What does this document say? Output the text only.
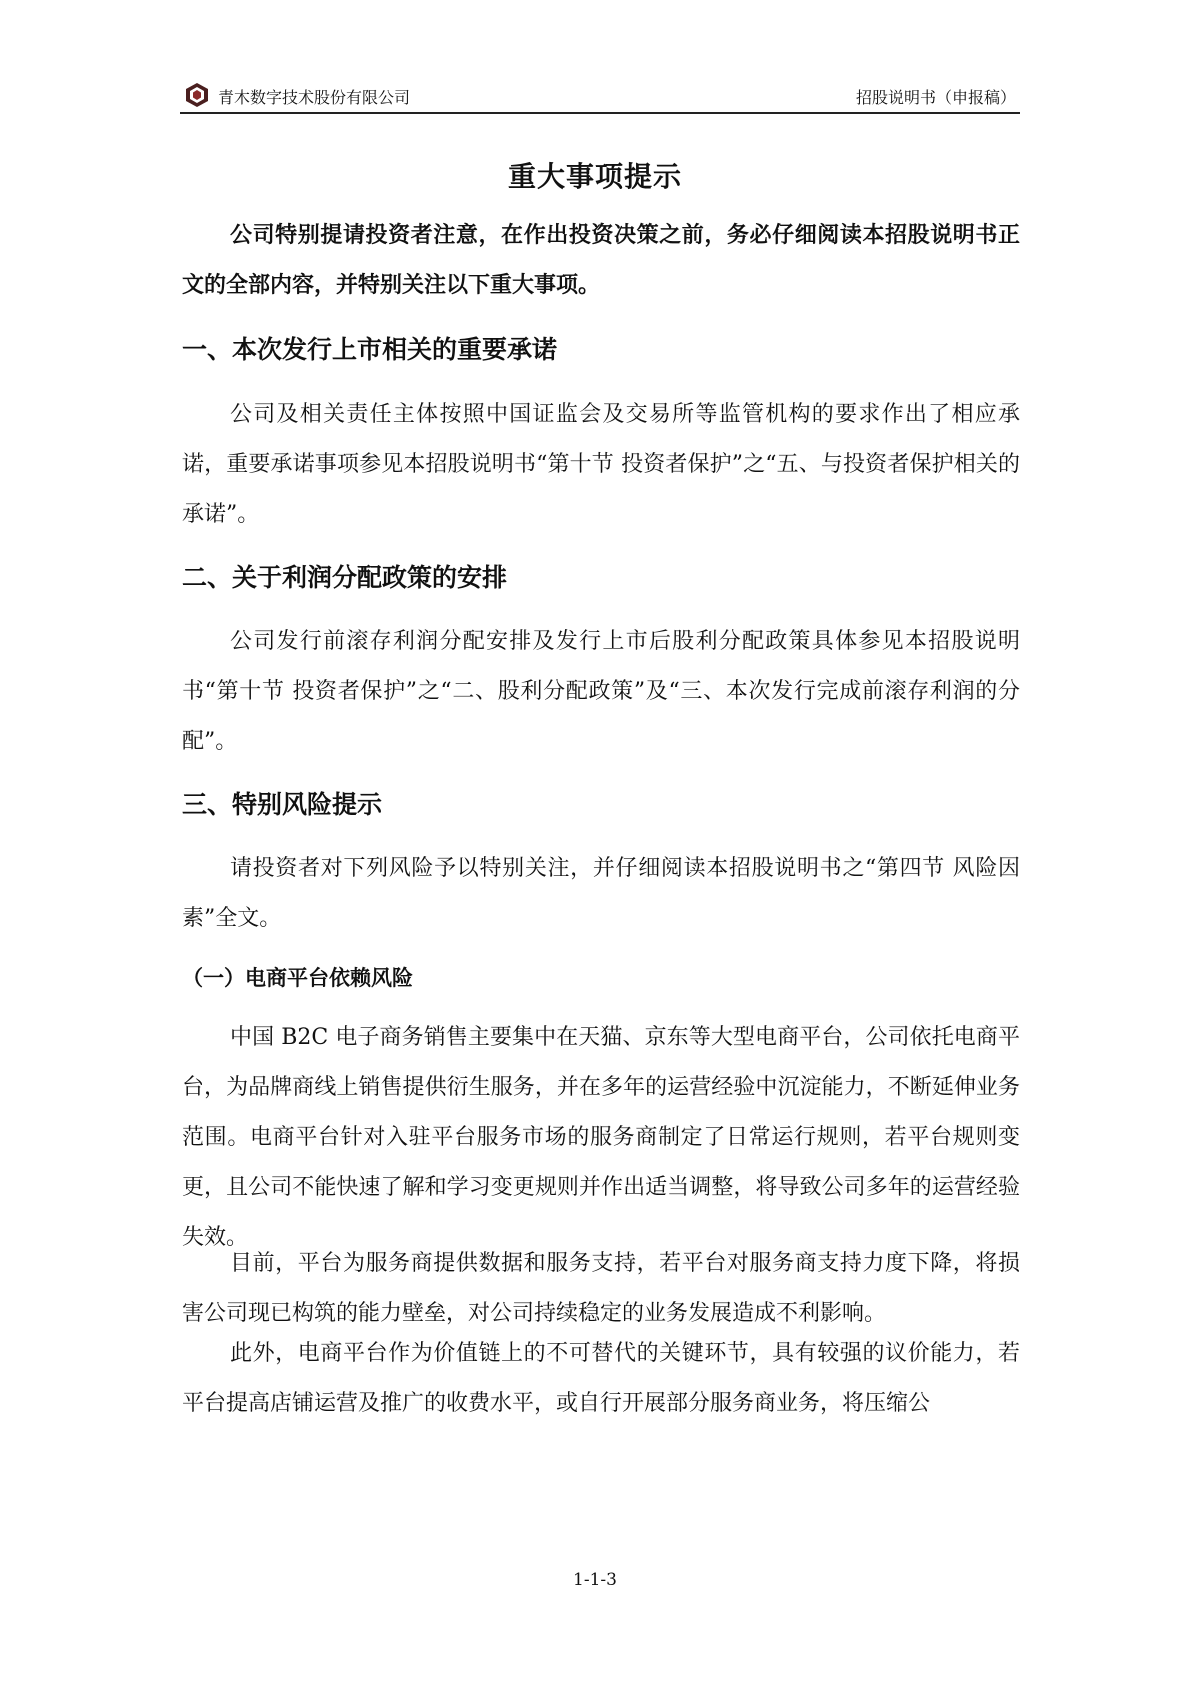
青木数字技术股份有限公司	招股说明书（申报稿）
重大事项提示

公司特别提请投资者注意，在作出投资决策之前，务必仔细阅读本招股说明书正文的全部内容，并特别关注以下重大事项。

一、本次发行上市相关的重要承诺

公司及相关责任主体按照中国证监会及交易所等监管机构的要求作出了相应承诺，重要承诺事项参见本招股说明书“第十节 投资者保护”之“五、与投资者保护相关的承诺”。

二、关于利润分配政策的安排

公司发行前滚存利润分配安排及发行上市后股利分配政策具体参见本招股说明书“第十节 投资者保护”之“二、股利分配政策”及“三、本次发行完成前滚存利润的分配”。

三、特别风险提示

请投资者对下列风险予以特别关注，并仔细阅读本招股说明书之“第四节 风险因素”全文。

（一）电商平台依赖风险

中国 B2C 电子商务销售主要集中在天猫、京东等大型电商平台，公司依托电商平台，为品牌商线上销售提供衍生服务，并在多年的运营经验中沉淀能力，不断延伸业务范围。电商平台针对入驻平台服务市场的服务商制定了日常运行规则，若平台规则变更，且公司不能快速了解和学习变更规则并作出适当调整，将导致公司多年的运营经验失效。

目前，平台为服务商提供数据和服务支持，若平台对服务商支持力度下降，将损害公司现已构筑的能力壁垒，对公司持续稳定的业务发展造成不利影响。

此外，电商平台作为价值链上的不可替代的关键环节，具有较强的议价能力，若平台提高店铺运营及推广的收费水平，或自行开展部分服务商业务，将压缩公

1-1-3
